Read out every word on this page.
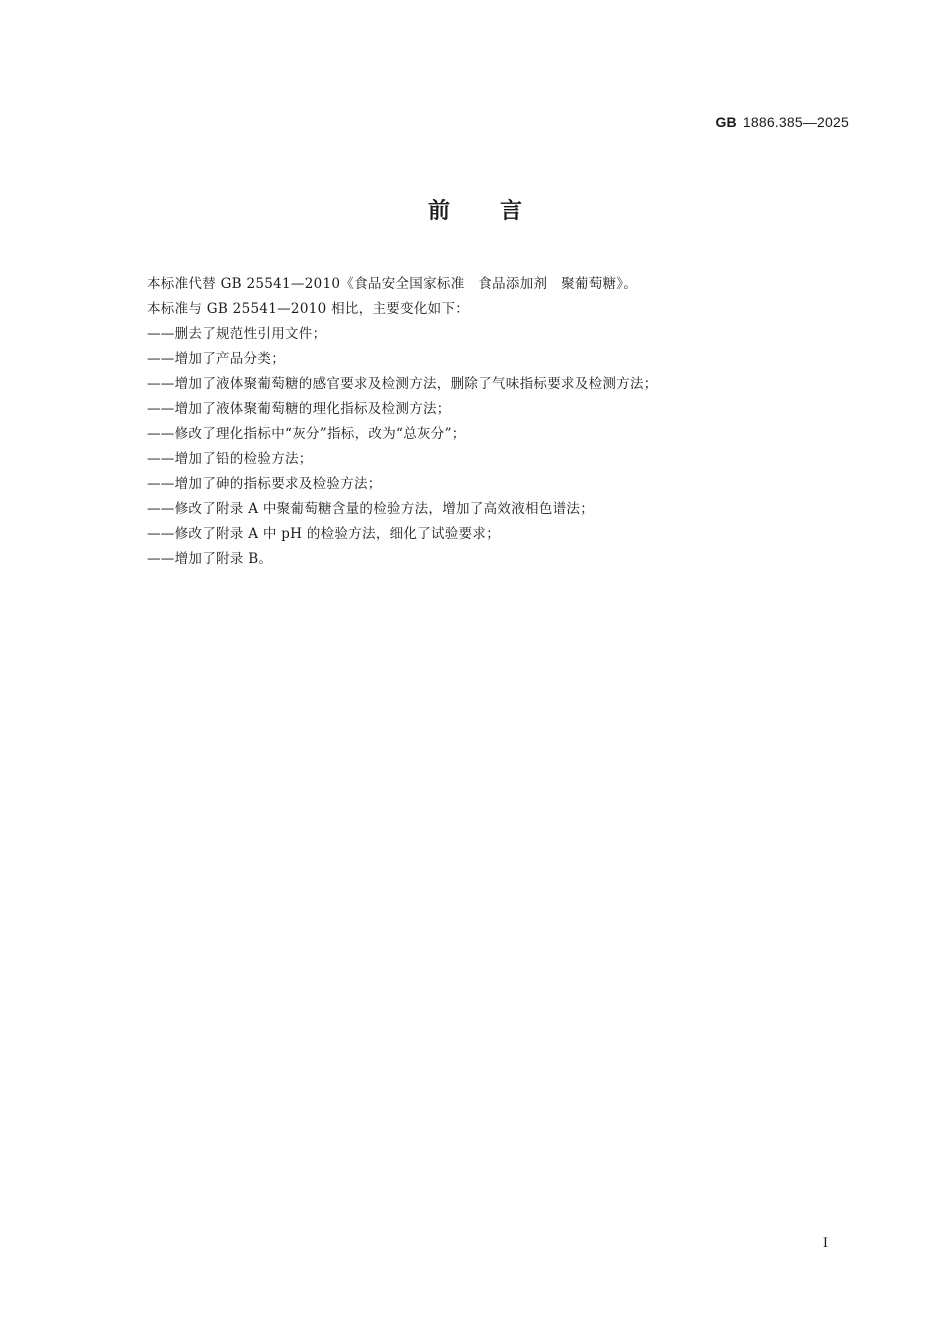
GB 1886.385—2025
前 言
本标准代替 GB 25541—2010《食品安全国家标准　食品添加剂　聚葡萄糖》。
本标准与 GB 25541—2010 相比，主要变化如下：
——删去了规范性引用文件；
——增加了产品分类；
——增加了液体聚葡萄糖的感官要求及检测方法，删除了气味指标要求及检测方法；
——增加了液体聚葡萄糖的理化指标及检测方法；
——修改了理化指标中“灰分”指标，改为“总灰分”；
——增加了铅的检验方法；
——增加了砷的指标要求及检验方法；
——修改了附录 A 中聚葡萄糖含量的检验方法，增加了高效液相色谱法；
——修改了附录 A 中 pH 的检验方法，细化了试验要求；
——增加了附录 B。
I
